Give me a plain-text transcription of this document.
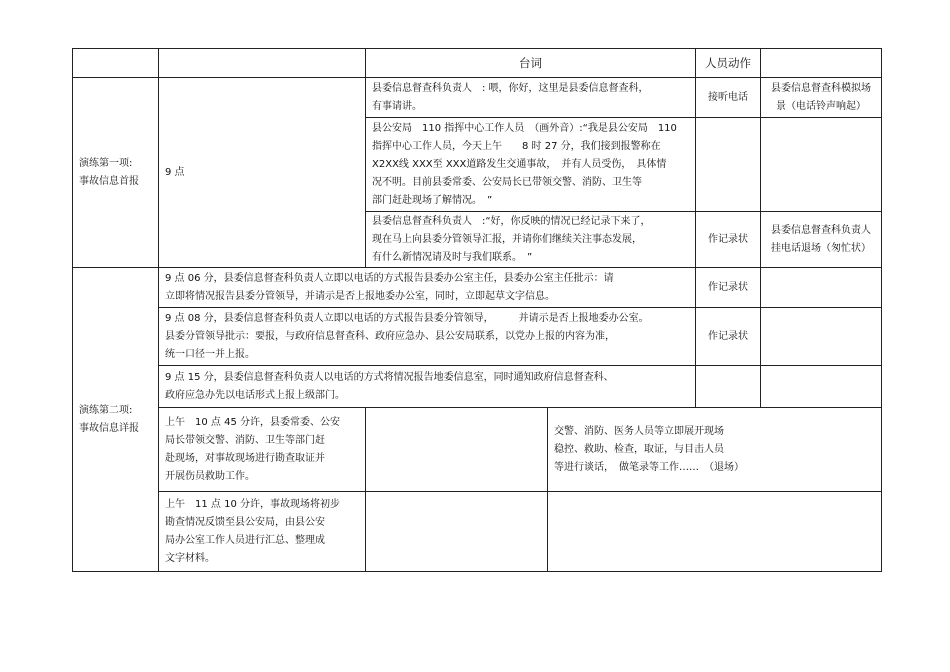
		台词		人员动作	

演练第一项:
事故信息首报	9 点	县委信息督查科负责人　: 喂，你好，这里是县委信息督查科，
有事请讲。		接听电话	县委信息督查科模拟场
景（电话铃声响起）

		县公安局　110 指挥中心工作人员　（画外音）:“我是县公安局　110
指挥中心工作人员，今天上午　　8 时 27 分，我们接到报警称在
X2XX线 XXX至 XXX道路发生交通事故，　并有人员受伤，　具体情
况不明。目前县委常委、公安局长已带领交警、消防、卫生等
部门赶赴现场了解情况。　”			

		县委信息督查科负责人　:“好，你反映的情况已经记录下来了，
现在马上向县委分管领导汇报，并请你们继续关注事态发展，
有什么新情况请及时与我们联系。　”		作记录状	县委信息督查科负责人
挂电话退场（匆忙状）

演练第二项:
事故信息详报	9 点 06 分，县委信息督查科负责人立即以电话的方式报告县委办公室主任，县委办公室主任批示：请
立即将情况报告县委分管领导，并请示是否上报地委办公室，同时，立即起草文字信息。			作记录状	

	9 点 08 分，县委信息督查科负责人立即以电话的方式报告县委分管领导，　　　并请示是否上报地委办公室。
县委分管领导批示：要报，与政府信息督查科、政府应急办、县公安局联系，以党办上报的内容为准，
统一口径一并上报。			作记录状	

	9 点 15 分，县委信息督查科负责人以电话的方式将情况报告地委信息室，同时通知政府信息督查科、
政府应急办先以电话形式上报上级部门。				

	上午　10 点 45 分许，县委常委、公安
局长带领交警、消防、卫生等部门赶
赴现场，对事故现场进行勘查取证并
开展伤员救助工作。		交警、消防、医务人员等立即展开现场
稳控、救助、检查，取证，与目击人员
等进行谈话，　做笔录等工作……　（退场）		

	上午　11 点 10 分许，事故现场将初步
勘查情况反馈至县公安局，由县公安
局办公室工作人员进行汇总、整理成
文字材料。				
